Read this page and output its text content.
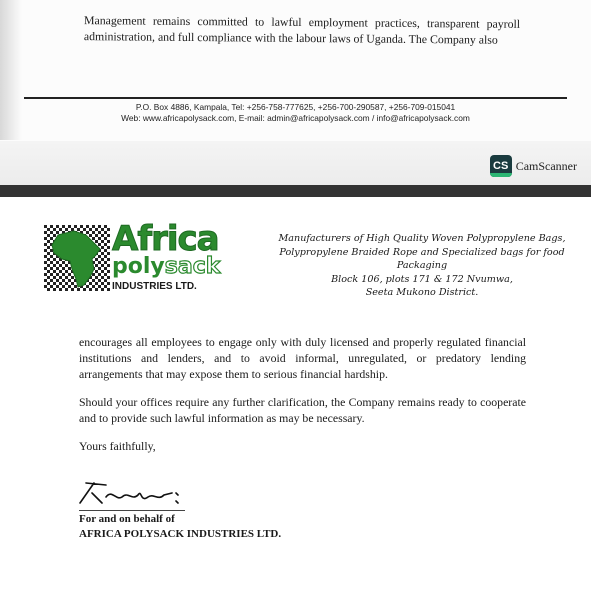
Management remains committed to lawful employment practices, transparent payroll administration, and full compliance with the labour laws of Uganda. The Company also

P.O. Box 4886, Kampala, Tel: +256-758-777625, +256-700-290587, +256-709-015041
Web: www.africapolysack.com, E-mail: admin@africapolysack.com / info@africapolysack.com
CS CamScanner
Africa
polysack
INDUSTRIES LTD.
Manufacturers of High Quality Woven Polypropylene Bags,
Polypropylene Braided Rope and Specialized bags for food Packaging
Block 106, plots 171 & 172 Nvumwa,
Seeta Mukono District.

encourages all employees to engage only with duly licensed and properly regulated financial institutions and lenders, and to avoid informal, unregulated, or predatory lending arrangements that may expose them to serious financial hardship.

Should your offices require any further clarification, the Company remains ready to cooperate and to provide such lawful information as may be necessary.

Yours faithfully,
For and on behalf of
AFRICA POLYSACK INDUSTRIES LTD.
